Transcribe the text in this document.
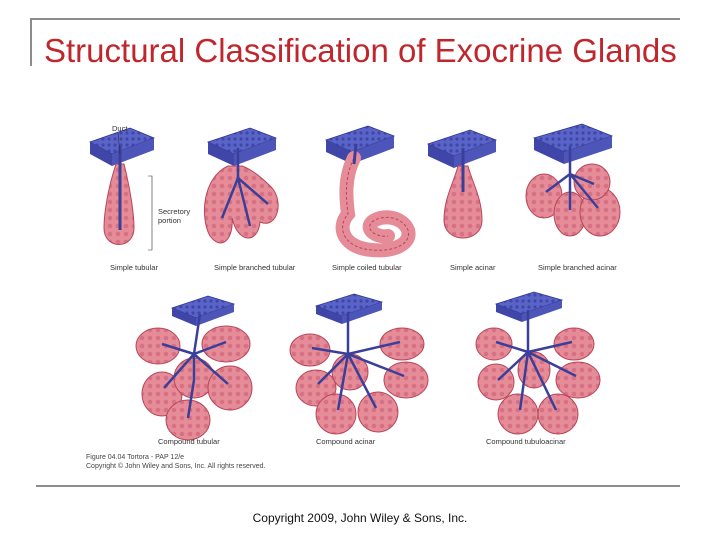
Structural Classification of Exocrine Glands
Duct
Secretory
portion
Simple tubular	Simple branched tubular	Simple coiled tubular	Simple acinar	Simple branched acinar
Compound tubular	Compound acinar	Compound tubuloacinar
Figure 04.04 Tortora - PAP 12/e
Copyright © John Wiley and Sons, Inc. All rights reserved.
Copyright 2009, John Wiley & Sons, Inc.
